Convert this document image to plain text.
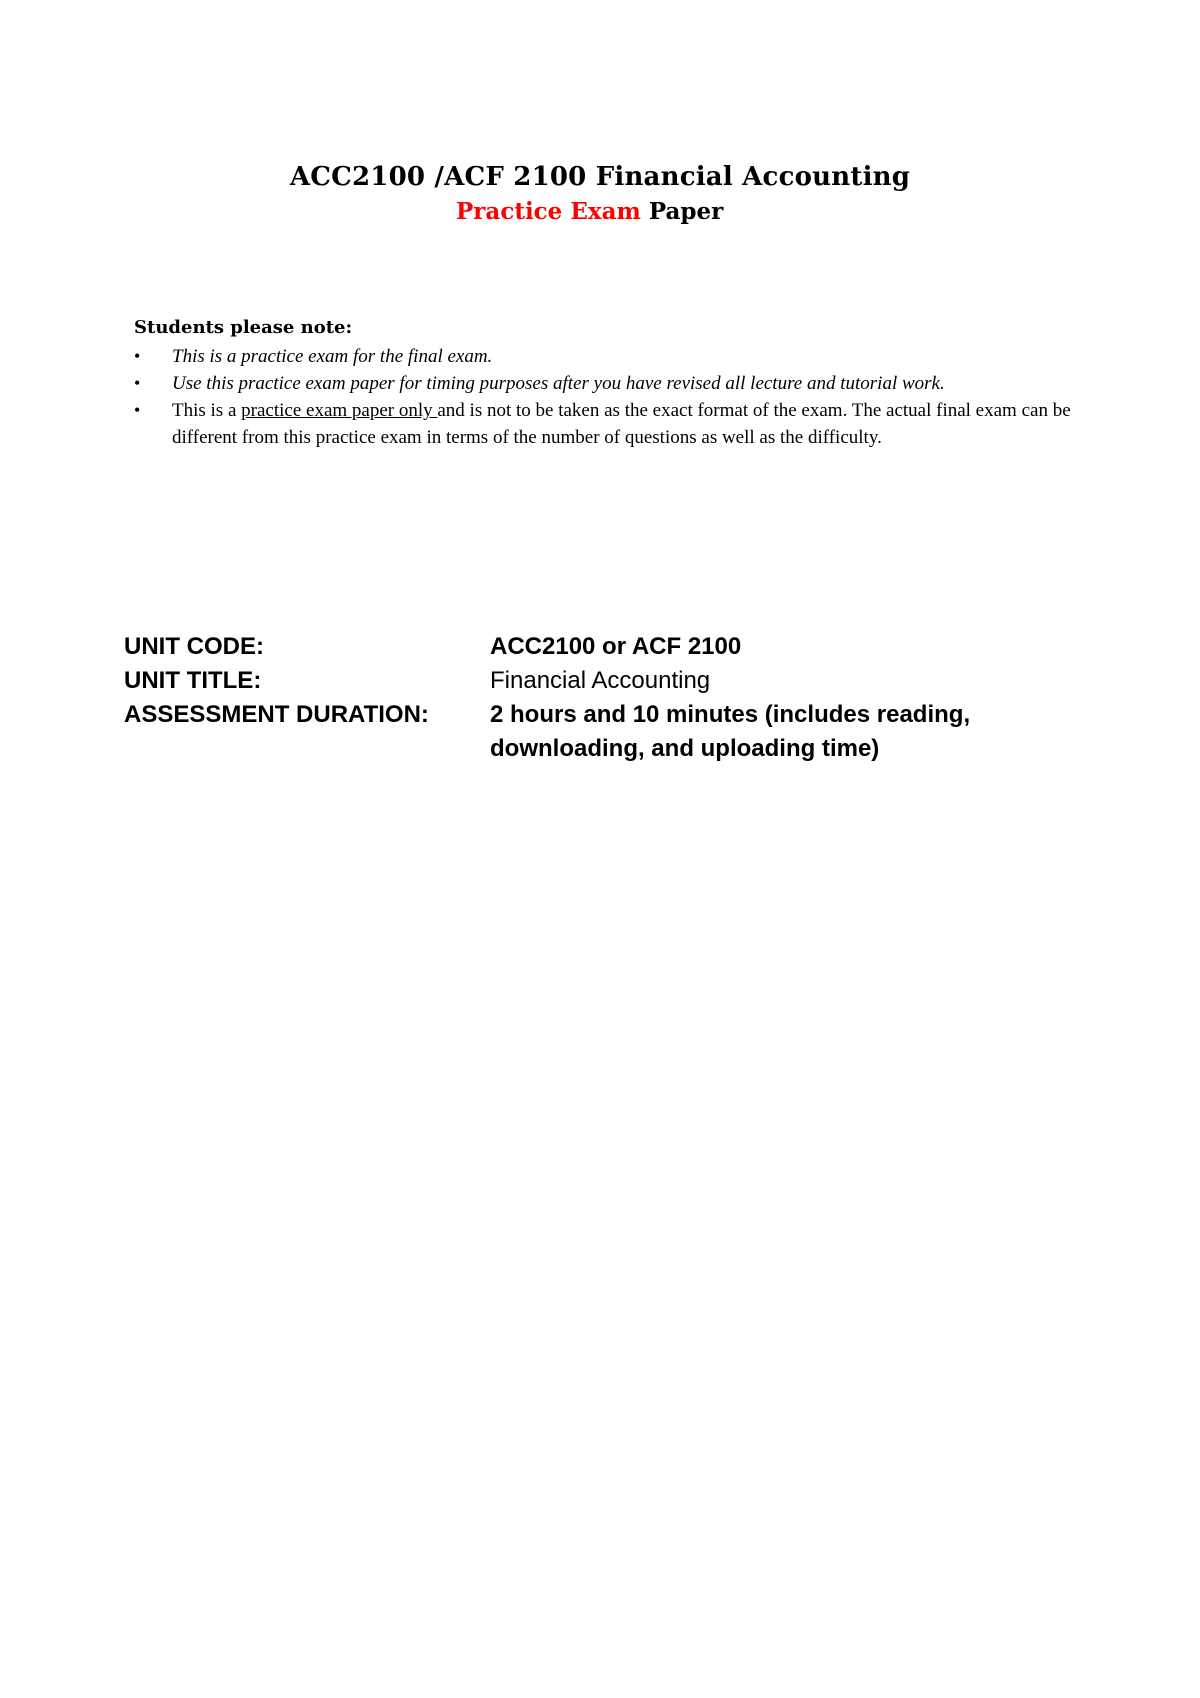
ACC2100 /ACF 2100 Financial Accounting
Practice Exam Paper
Students please note:
• This is a practice exam for the final exam.
• Use this practice exam paper for timing purposes after you have revised all lecture and tutorial work.
• This is a practice exam paper only and is not to be taken as the exact format of the exam. The actual final exam can be different from this practice exam in terms of the number of questions as well as the difficulty.
UNIT CODE:	ACC2100 or ACF 2100
UNIT TITLE:	Financial Accounting
ASSESSMENT DURATION:	2 hours and 10 minutes (includes reading, downloading, and uploading time)
